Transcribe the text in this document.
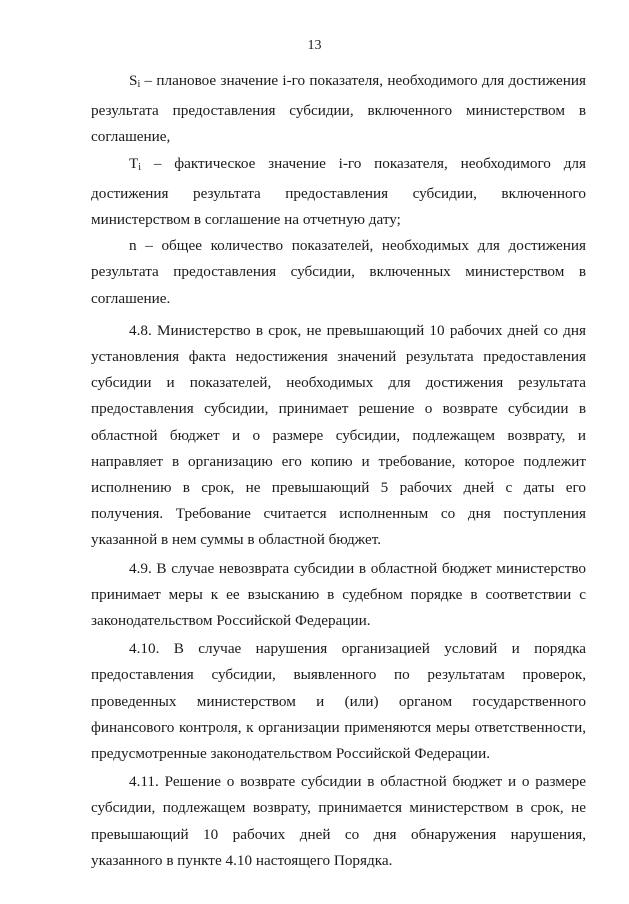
13

$S_i$ – плановое значение i-го показателя, необходимого для достижения результата предоставления субсидии, включенного министерством в соглашение,

$T_i$ – фактическое значение i-го показателя, необходимого для достижения результата предоставления субсидии, включенного министерством в соглашение на отчетную дату;

n – общее количество показателей, необходимых для достижения результата предоставления субсидии, включенных министерством в соглашение.

4.8. Министерство в срок, не превышающий 10 рабочих дней со дня установления факта недостижения значений результата предоставления субсидии и показателей, необходимых для достижения результата предоставления субсидии, принимает решение о возврате субсидии в областной бюджет и о размере субсидии, подлежащем возврату, и направляет в организацию его копию и требование, которое подлежит исполнению в срок, не превышающий 5 рабочих дней с даты его получения. Требование считается исполненным со дня поступления указанной в нем суммы в областной бюджет.

4.9. В случае невозврата субсидии в областной бюджет министерство принимает меры к ее взысканию в судебном порядке в соответствии с законодательством Российской Федерации.

4.10. В случае нарушения организацией условий и порядка предоставления субсидии, выявленного по результатам проверок, проведенных министерством и (или) органом государственного финансового контроля, к организации применяются меры ответственности, предусмотренные законодательством Российской Федерации.

4.11. Решение о возврате субсидии в областной бюджет и о размере субсидии, подлежащем возврату, принимается министерством в срок, не превышающий 10 рабочих дней со дня обнаружения нарушения, указанного в пункте 4.10 настоящего Порядка.
